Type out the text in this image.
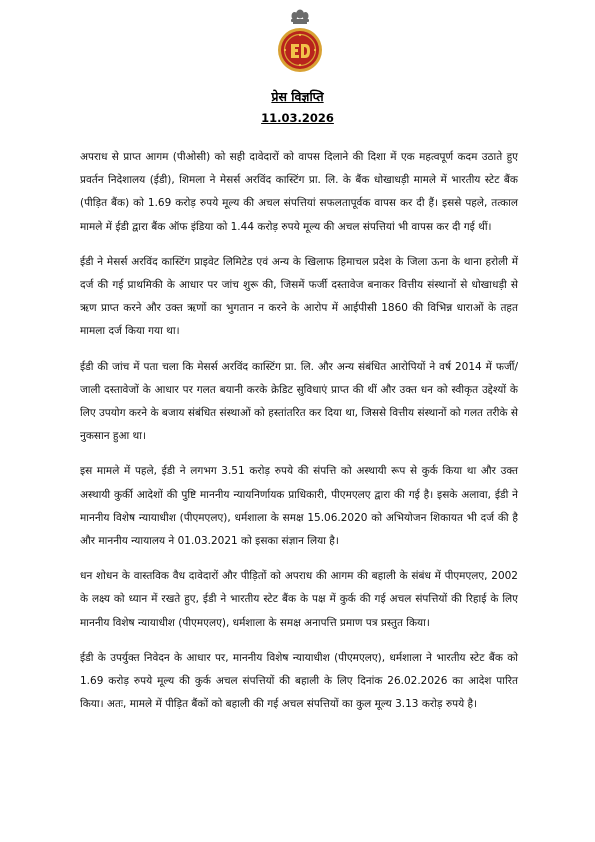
प्रेस विज्ञप्ति
11.03.2026

अपराध से प्राप्त आगम (पीओसी) को सही दावेदारों को वापस दिलाने की दिशा में एक महत्वपूर्ण कदम उठाते हुए प्रवर्तन निदेशालय (ईडी), शिमला ने मेसर्स अरविंद कास्टिंग प्रा. लि. के बैंक धोखाधड़ी मामले में भारतीय स्टेट बैंक (पीड़ित बैंक) को 1.69 करोड़ रुपये मूल्य की अचल संपत्तियां सफलतापूर्वक वापस कर दी हैं। इससे पहले, तत्काल मामले में ईडी द्वारा बैंक ऑफ इंडिया को 1.44 करोड़ रुपये मूल्य की अचल संपत्तियां भी वापस कर दी गई थीं।

ईडी ने मेसर्स अरविंद कास्टिंग प्राइवेट लिमिटेड एवं अन्य के खिलाफ हिमाचल प्रदेश के जिला ऊना के थाना हरोली में दर्ज की गई प्राथमिकी के आधार पर जांच शुरू की, जिसमें फर्जी दस्तावेज बनाकर वित्तीय संस्थानों से धोखाधड़ी से ऋण प्राप्त करने और उक्त ऋणों का भुगतान न करने के आरोप में आईपीसी 1860 की विभिन्न धाराओं के तहत मामला दर्ज किया गया था।

ईडी की जांच में पता चला कि मेसर्स अरविंद कास्टिंग प्रा. लि. और अन्य संबंधित आरोपियों ने वर्ष 2014 में फर्जी/जाली दस्तावेजों के आधार पर गलत बयानी करके क्रेडिट सुविधाएं प्राप्त की थीं और उक्त धन को स्वीकृत उद्देश्यों के लिए उपयोग करने के बजाय संबंधित संस्थाओं को हस्तांतरित कर दिया था, जिससे वित्तीय संस्थानों को गलत तरीके से नुकसान हुआ था।

इस मामले में पहले, ईडी ने लगभग 3.51 करोड़ रुपये की संपत्ति को अस्थायी रूप से कुर्क किया था और उक्त अस्थायी कुर्की आदेशों की पुष्टि माननीय न्यायनिर्णायक प्राधिकारी, पीएमएलए द्वारा की गई है। इसके अलावा, ईडी ने माननीय विशेष न्यायाधीश (पीएमएलए), धर्मशाला के समक्ष 15.06.2020 को अभियोजन शिकायत भी दर्ज की है और माननीय न्यायालय ने 01.03.2021 को इसका संज्ञान लिया है।

धन शोधन के वास्तविक वैध दावेदारों और पीड़ितों को अपराध की आगम की बहाली के संबंध में पीएमएलए, 2002 के लक्ष्य को ध्यान में रखते हुए, ईडी ने भारतीय स्टेट बैंक के पक्ष में कुर्क की गई अचल संपत्तियों की रिहाई के लिए माननीय विशेष न्यायाधीश (पीएमएलए), धर्मशाला के समक्ष अनापत्ति प्रमाण पत्र प्रस्तुत किया।

ईडी के उपर्युक्त निवेदन के आधार पर, माननीय विशेष न्यायाधीश (पीएमएलए), धर्मशाला ने भारतीय स्टेट बैंक को 1.69 करोड़ रुपये मूल्य की कुर्क अचल संपत्तियों की बहाली के लिए दिनांक 26.02.2026 का आदेश पारित किया। अतः, मामले में पीड़ित बैंकों को बहाली की गई अचल संपत्तियों का कुल मूल्य 3.13 करोड़ रुपये है।
